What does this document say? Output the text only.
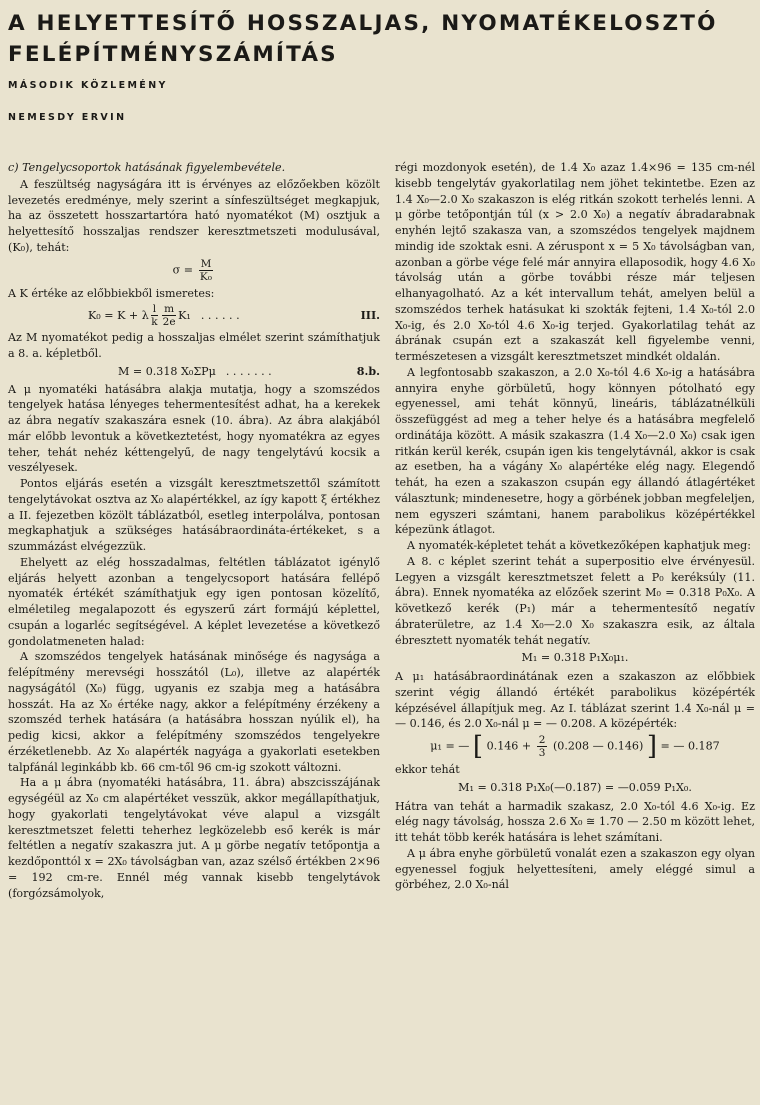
A HELYETTESÍTŐ HOSSZALJAS, NYOMATÉKELOSZTÓ

FELÉPÍTMÉNYSZÁMÍTÁS

MÁSODIK KÖZLEMÉNY

NEMESDY ERVIN

c) Tengelycsoportok hatásának figyelembevétele.

A feszültség nagyságára itt is érvényes az előzőekben közölt levezetés eredménye, mely szerint a sínfeszültséget megkapjuk, ha az összetett hosszartartóra ható nyomatékot (M) osztjuk a helyettesítő hosszaljas rendszer keresztmetszeti modulusával, (K₀), tehát:

$\sigma = \frac{M}{\text{K₀}}$

A K értéke az előbbiekből ismeretes:

K₀ = K + λ $\frac{l}{k} \frac{m}{2e} K_1$ . . . . . .	III.

Az M nyomatékot pedig a hosszaljas elmélet szerint számíthatjuk a 8. a. képletből.

M = 0.318 X₀ΣPμ . . . . . . .	8.b.

A μ nyomatéki hatásábra alakja mutatja, hogy a szomszédos tengelyek hatása lényeges tehermentesítést adhat, ha a kerekek az ábra negatív szakaszára esnek (10. ábra). Az ábra alakjából már előbb levontuk a következtetést, hogy nyomatékra az egyes teher, tehát nehéz kéttengelyű, de nagy tengelytávú kocsik a veszélyesek.

Pontos eljárás esetén a vizsgált keresztmetszettől számított tengelytávokat osztva az X₀ alapértékkel, az így kapott ξ értékhez a II. fejezetben közölt táblázatból, esetleg interpolálva, pontosan megkaphatjuk a szükséges hatásábraordináta-értékeket, s a szummázást elvégezzük.

Ehelyett az elég hosszadalmas, feltétlen táblázatot igénylő eljárás helyett azonban a tengelycsoport hatására fellépő nyomaték értékét számíthatjuk egy igen pontosan közelítő, elméletileg megalapozott és egyszerű zárt formájú képlettel, csupán a logarléc segítségével. A képlet levezetése a következő gondolatmeneten halad:

A szomszédos tengelyek hatásának minősége és nagysága a felépítmény merevségi hosszától (L₀), illetve az alapérték nagyságától (X₀) függ, ugyanis ez szabja meg a hatásábra hosszát. Ha az X₀ értéke nagy, akkor a felépítmény érzékeny a szomszéd terhek hatására (a hatásábra hosszan nyúlik el), ha pedig kicsi, akkor a felépítmény szomszédos tengelyekre érzéketlenebb. Az X₀ alapérték nagyága a gyakorlati esetekben talpfánál leginkább kb. 66 cm-től 96 cm-ig szokott változni.

Ha a μ ábra (nyomatéki hatásábra, 11. ábra) abszcisszájának egységéül az X₀ cm alapértéket vesszük, akkor megállapíthatjuk, hogy gyakorlati tengelytávokat véve alapul a vizsgált keresztmetszet feletti teherhez legközelebb eső kerék is már feltétlen a negatív szakaszra jut. A μ görbe negatív tetőpontja a kezdőponttól x = 2X₀ távolságban van, azaz szélső értékben 2×96 = 192 cm-re. Ennél még vannak kisebb tengelytávok (forgózsámolyok,

régi mozdonyok esetén), de 1.4 X₀ azaz 1.4×96 = 135 cm-nél kisebb tengelytáv gyakorlatilag nem jöhet tekintetbe. Ezen az 1.4 X₀—2.0 X₀ szakaszon is elég ritkán szokott terhelés lenni. A μ görbe tetőpontján túl (x > 2.0 X₀) a negatív ábradarabnak enyhén lejtő szakasza van, a szomszédos tengelyek majdnem mindig ide szoktak esni. A zéruspont x = 5 X₀ távolságban van, azonban a görbe vége felé már annyira ellaposodik, hogy 4.6 X₀ távolság után a görbe további része már teljesen elhanyagolható. Az a két intervallum tehát, amelyen belül a szomszédos terhek hatásukat ki szokták fejteni, 1.4 X₀-tól 2.0 X₀-ig, és 2.0 X₀-tól 4.6 X₀-ig terjed. Gyakorlatilag tehát az ábrának csupán ezt a szakaszát kell figyelembe venni, természetesen a vizsgált keresztmetszet mindkét oldalán.

A legfontosabb szakaszon, a 2.0 X₀-tól 4.6 X₀-ig a hatásábra annyira enyhe görbületű, hogy könnyen pótolható egy egyenessel, ami tehát könnyű, lineáris, táblázatnélküli összefüggést ad meg a teher helye és a hatásábra megfelelő ordinátája között. A másik szakaszra (1.4 X₀—2.0 X₀) csak igen ritkán kerül kerék, csupán igen kis tengelytávnál, akkor is csak az esetben, ha a vágány X₀ alapértéke elég nagy. Elegendő tehát, ha ezen a szakaszon csupán egy állandó átlagértéket választunk; mindenesetre, hogy a görbének jobban megfeleljen, nem egyszeri számtani, hanem parabolikus középértékkel képezünk átlagot.

A nyomaték-képletet tehát a következőképen kaphatjuk meg:

A 8. c képlet szerint tehát a superpositio elve érvényesül. Legyen a vizsgált keresztmetszet felett a P₀ keréksúly (11. ábra). Ennek nyomatéka az előzőek szerint M₀ = 0.318 P₀X₀. A következő kerék (P₁) már a tehermentesítő negatív ábraterületre, az 1.4 X₀—2.0 X₀ szakaszra esik, az általa ébresztett nyomaték tehát negatív.

M₁ = 0.318 P₁X₀μ₁.

A μ₁ hatásábraordinátának ezen a szakaszon az előbbiek szerint végig állandó értékét parabolikus középérték képzésével állapítjuk meg. Az I. táblázat szerint 1.4 X₀-nál μ = — 0.146, és 2.0 X₀-nál μ = — 0.208. A középérték:

μ₁ = — [ $0.146 + \frac{2}{3} (0.208$ — 0.146) ] = — 0.187

ekkor tehát

M₁ = 0.318 P₁X₀(—0.187) = —0.059 P₁X₀.

Hátra van tehát a harmadik szakasz, 2.0 X₀-tól 4.6 X₀-ig. Ez elég nagy távolság, hossza 2.6 X₀ ≅ 1.70 — 2.50 m között lehet, itt tehát több kerék hatására is lehet számítani.

A μ ábra enyhe görbületű vonalát ezen a szakaszon egy olyan egyenessel fogjuk helyettesíteni, amely eléggé simul a görbéhez, 2.0 X₀-nál
